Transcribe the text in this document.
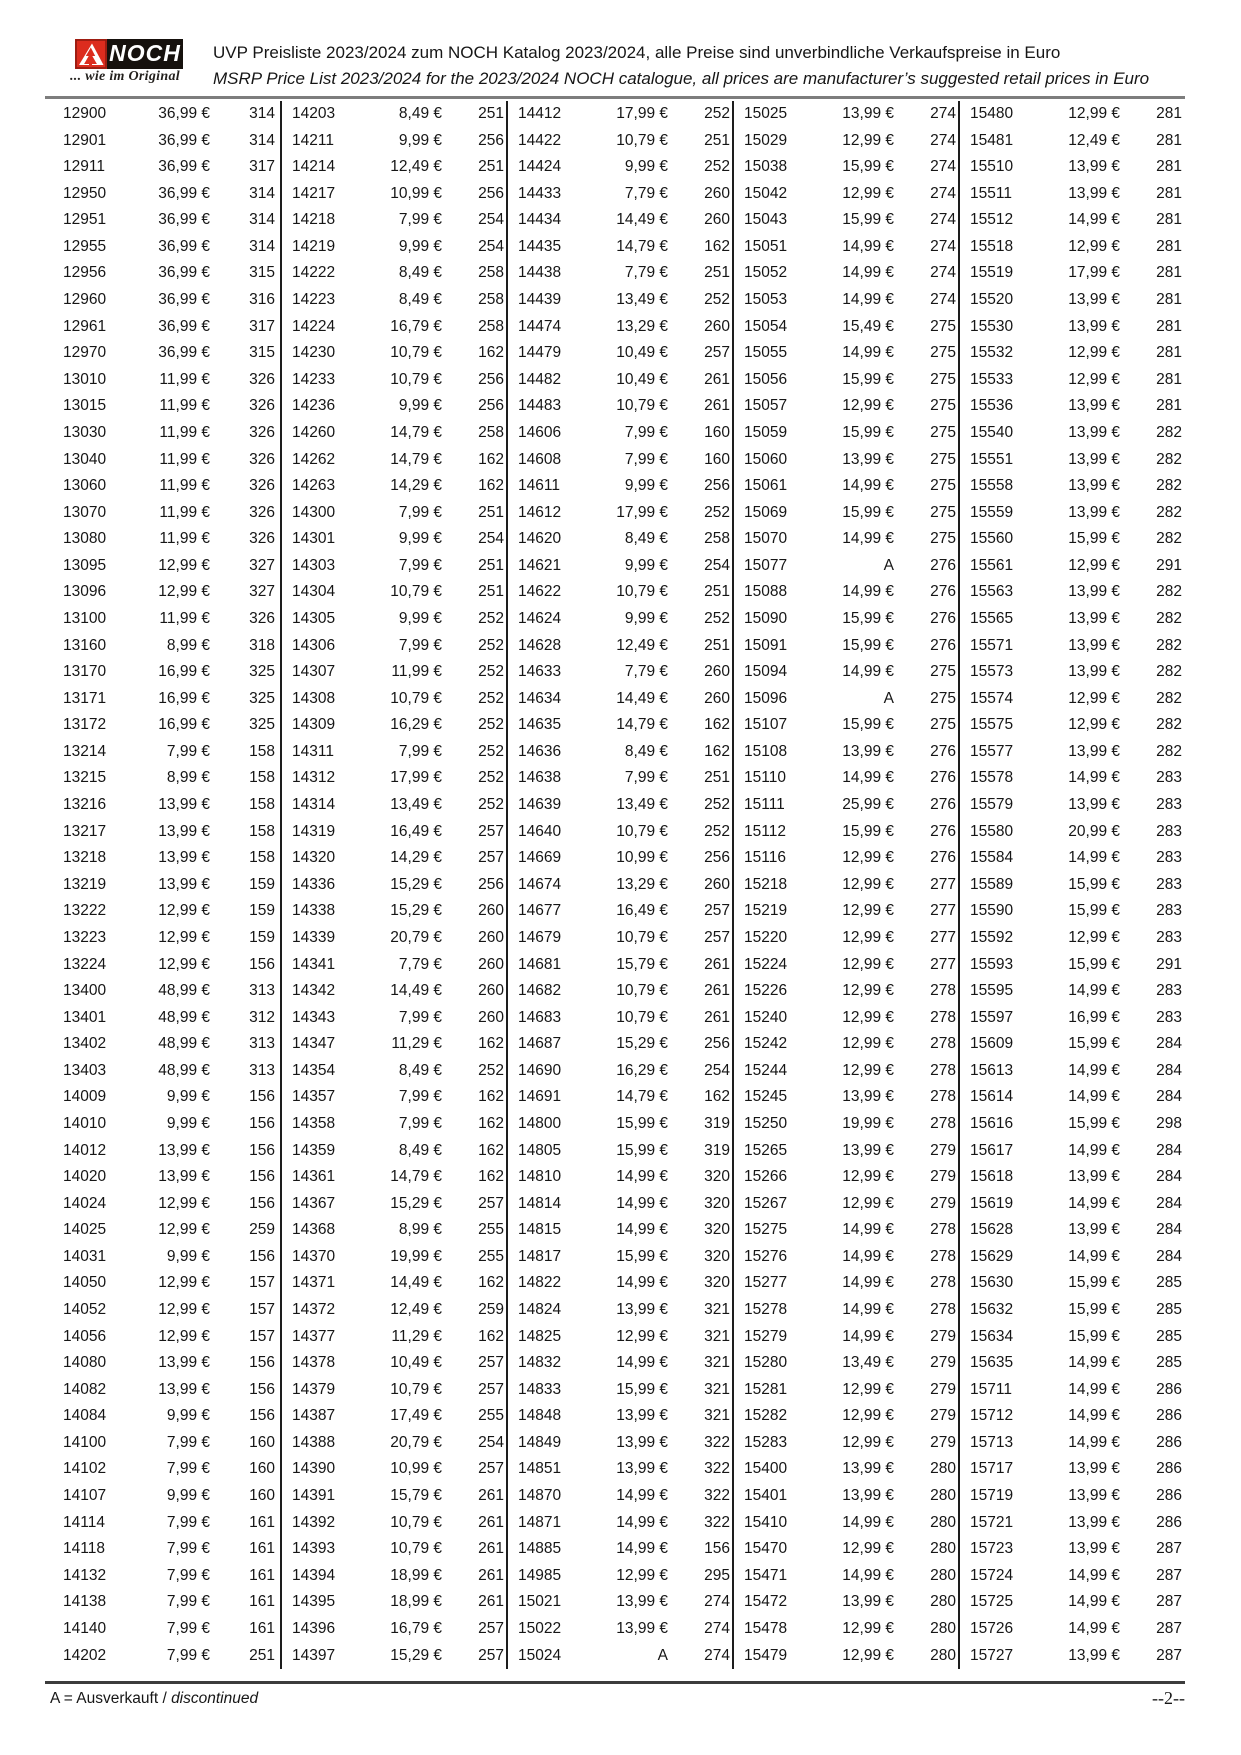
NOCH
... wie im Original
UVP Preisliste 2023/2024 zum NOCH Katalog 2023/2024, alle Preise sind unverbindliche Verkaufspreise in Euro
MSRP Price List 2023/2024 for the 2023/2024 NOCH catalogue, all prices are manufacturer’s suggested retail prices in Euro
12900	36,99 €	314
12901	36,99 €	314
12911	36,99 €	317
12950	36,99 €	314
12951	36,99 €	314
12955	36,99 €	314
12956	36,99 €	315
12960	36,99 €	316
12961	36,99 €	317
12970	36,99 €	315
13010	11,99 €	326
13015	11,99 €	326
13030	11,99 €	326
13040	11,99 €	326
13060	11,99 €	326
13070	11,99 €	326
13080	11,99 €	326
13095	12,99 €	327
13096	12,99 €	327
13100	11,99 €	326
13160	8,99 €	318
13170	16,99 €	325
13171	16,99 €	325
13172	16,99 €	325
13214	7,99 €	158
13215	8,99 €	158
13216	13,99 €	158
13217	13,99 €	158
13218	13,99 €	158
13219	13,99 €	159
13222	12,99 €	159
13223	12,99 €	159
13224	12,99 €	156
13400	48,99 €	313
13401	48,99 €	312
13402	48,99 €	313
13403	48,99 €	313
14009	9,99 €	156
14010	9,99 €	156
14012	13,99 €	156
14020	13,99 €	156
14024	12,99 €	156
14025	12,99 €	259
14031	9,99 €	156
14050	12,99 €	157
14052	12,99 €	157
14056	12,99 €	157
14080	13,99 €	156
14082	13,99 €	156
14084	9,99 €	156
14100	7,99 €	160
14102	7,99 €	160
14107	9,99 €	160
14114	7,99 €	161
14118	7,99 €	161
14132	7,99 €	161
14138	7,99 €	161
14140	7,99 €	161
14202	7,99 €	251
14203	8,49 €	251
14211	9,99 €	256
14214	12,49 €	251
14217	10,99 €	256
14218	7,99 €	254
14219	9,99 €	254
14222	8,49 €	258
14223	8,49 €	258
14224	16,79 €	258
14230	10,79 €	162
14233	10,79 €	256
14236	9,99 €	256
14260	14,79 €	258
14262	14,79 €	162
14263	14,29 €	162
14300	7,99 €	251
14301	9,99 €	254
14303	7,99 €	251
14304	10,79 €	251
14305	9,99 €	252
14306	7,99 €	252
14307	11,99 €	252
14308	10,79 €	252
14309	16,29 €	252
14311	7,99 €	252
14312	17,99 €	252
14314	13,49 €	252
14319	16,49 €	257
14320	14,29 €	257
14336	15,29 €	256
14338	15,29 €	260
14339	20,79 €	260
14341	7,79 €	260
14342	14,49 €	260
14343	7,99 €	260
14347	11,29 €	162
14354	8,49 €	252
14357	7,99 €	162
14358	7,99 €	162
14359	8,49 €	162
14361	14,79 €	162
14367	15,29 €	257
14368	8,99 €	255
14370	19,99 €	255
14371	14,49 €	162
14372	12,49 €	259
14377	11,29 €	162
14378	10,49 €	257
14379	10,79 €	257
14387	17,49 €	255
14388	20,79 €	254
14390	10,99 €	257
14391	15,79 €	261
14392	10,79 €	261
14393	10,79 €	261
14394	18,99 €	261
14395	18,99 €	261
14396	16,79 €	257
14397	15,29 €	257
14412	17,99 €	252
14422	10,79 €	251
14424	9,99 €	252
14433	7,79 €	260
14434	14,49 €	260
14435	14,79 €	162
14438	7,79 €	251
14439	13,49 €	252
14474	13,29 €	260
14479	10,49 €	257
14482	10,49 €	261
14483	10,79 €	261
14606	7,99 €	160
14608	7,99 €	160
14611	9,99 €	256
14612	17,99 €	252
14620	8,49 €	258
14621	9,99 €	254
14622	10,79 €	251
14624	9,99 €	252
14628	12,49 €	251
14633	7,79 €	260
14634	14,49 €	260
14635	14,79 €	162
14636	8,49 €	162
14638	7,99 €	251
14639	13,49 €	252
14640	10,79 €	252
14669	10,99 €	256
14674	13,29 €	260
14677	16,49 €	257
14679	10,79 €	257
14681	15,79 €	261
14682	10,79 €	261
14683	10,79 €	261
14687	15,29 €	256
14690	16,29 €	254
14691	14,79 €	162
14800	15,99 €	319
14805	15,99 €	319
14810	14,99 €	320
14814	14,99 €	320
14815	14,99 €	320
14817	15,99 €	320
14822	14,99 €	320
14824	13,99 €	321
14825	12,99 €	321
14832	14,99 €	321
14833	15,99 €	321
14848	13,99 €	321
14849	13,99 €	322
14851	13,99 €	322
14870	14,99 €	322
14871	14,99 €	322
14885	14,99 €	156
14985	12,99 €	295
15021	13,99 €	274
15022	13,99 €	274
15024	A	274
15025	13,99 €	274
15029	12,99 €	274
15038	15,99 €	274
15042	12,99 €	274
15043	15,99 €	274
15051	14,99 €	274
15052	14,99 €	274
15053	14,99 €	274
15054	15,49 €	275
15055	14,99 €	275
15056	15,99 €	275
15057	12,99 €	275
15059	15,99 €	275
15060	13,99 €	275
15061	14,99 €	275
15069	15,99 €	275
15070	14,99 €	275
15077	A	276
15088	14,99 €	276
15090	15,99 €	276
15091	15,99 €	276
15094	14,99 €	275
15096	A	275
15107	15,99 €	275
15108	13,99 €	276
15110	14,99 €	276
15111	25,99 €	276
15112	15,99 €	276
15116	12,99 €	276
15218	12,99 €	277
15219	12,99 €	277
15220	12,99 €	277
15224	12,99 €	277
15226	12,99 €	278
15240	12,99 €	278
15242	12,99 €	278
15244	12,99 €	278
15245	13,99 €	278
15250	19,99 €	278
15265	13,99 €	279
15266	12,99 €	279
15267	12,99 €	279
15275	14,99 €	278
15276	14,99 €	278
15277	14,99 €	278
15278	14,99 €	278
15279	14,99 €	279
15280	13,49 €	279
15281	12,99 €	279
15282	12,99 €	279
15283	12,99 €	279
15400	13,99 €	280
15401	13,99 €	280
15410	14,99 €	280
15470	12,99 €	280
15471	14,99 €	280
15472	13,99 €	280
15478	12,99 €	280
15479	12,99 €	280
15480	12,99 €	281
15481	12,49 €	281
15510	13,99 €	281
15511	13,99 €	281
15512	14,99 €	281
15518	12,99 €	281
15519	17,99 €	281
15520	13,99 €	281
15530	13,99 €	281
15532	12,99 €	281
15533	12,99 €	281
15536	13,99 €	281
15540	13,99 €	282
15551	13,99 €	282
15558	13,99 €	282
15559	13,99 €	282
15560	15,99 €	282
15561	12,99 €	291
15563	13,99 €	282
15565	13,99 €	282
15571	13,99 €	282
15573	13,99 €	282
15574	12,99 €	282
15575	12,99 €	282
15577	13,99 €	282
15578	14,99 €	283
15579	13,99 €	283
15580	20,99 €	283
15584	14,99 €	283
15589	15,99 €	283
15590	15,99 €	283
15592	12,99 €	283
15593	15,99 €	291
15595	14,99 €	283
15597	16,99 €	283
15609	15,99 €	284
15613	14,99 €	284
15614	14,99 €	284
15616	15,99 €	298
15617	14,99 €	284
15618	13,99 €	284
15619	14,99 €	284
15628	13,99 €	284
15629	14,99 €	284
15630	15,99 €	285
15632	15,99 €	285
15634	15,99 €	285
15635	14,99 €	285
15711	14,99 €	286
15712	14,99 €	286
15713	14,99 €	286
15717	13,99 €	286
15719	13,99 €	286
15721	13,99 €	286
15723	13,99 €	287
15724	14,99 €	287
15725	14,99 €	287
15726	14,99 €	287
15727	13,99 €	287
A = Ausverkauft / discontinued	--2--
